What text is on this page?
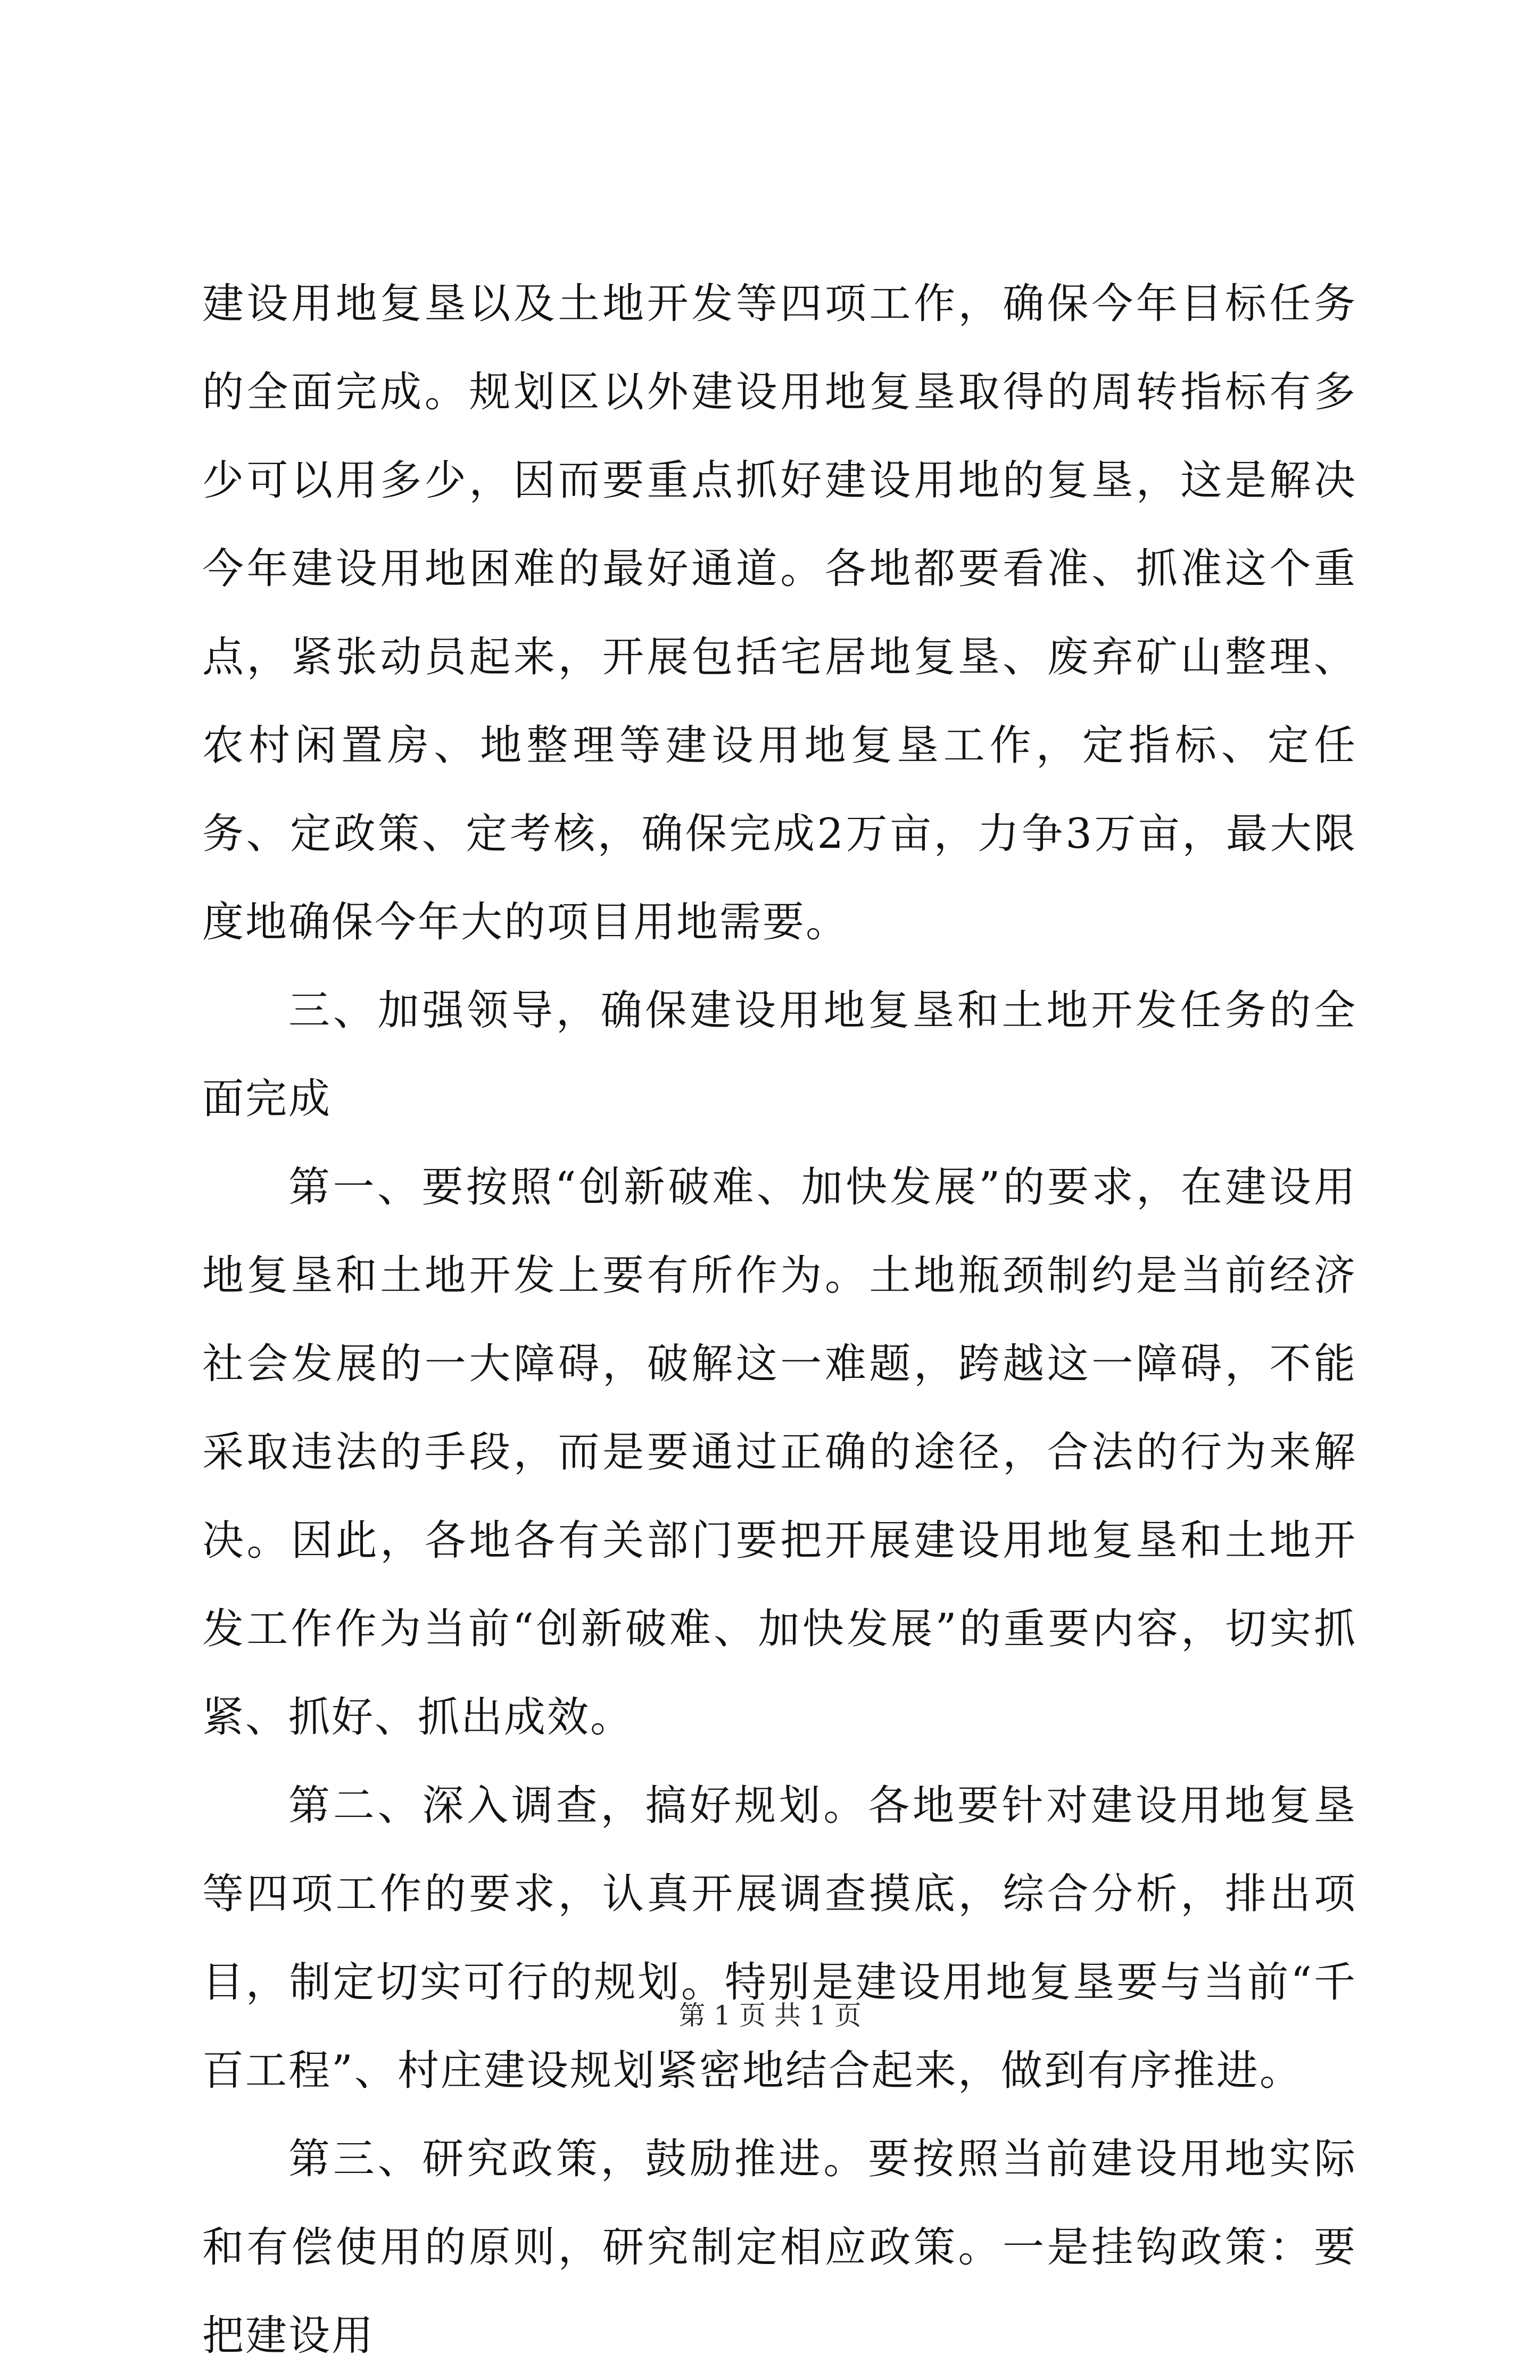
建设用地复垦以及土地开发等四项工作，确保今年目标任务的全面完成。规划区以外建设用地复垦取得的周转指标有多少可以用多少，因而要重点抓好建设用地的复垦，这是解决今年建设用地困难的最好通道。各地都要看准、抓准这个重点，紧张动员起来，开展包括宅居地复垦、废弃矿山整理、农村闲置房、地整理等建设用地复垦工作，定指标、定任务、定政策、定考核，确保完成2万亩，力争3万亩，最大限度地确保今年大的项目用地需要。

三、加强领导，确保建设用地复垦和土地开发任务的全面完成

第一、要按照“创新破难、加快发展”的要求，在建设用地复垦和土地开发上要有所作为。土地瓶颈制约是当前经济社会发展的一大障碍，破解这一难题，跨越这一障碍，不能采取违法的手段，而是要通过正确的途径，合法的行为来解决。因此，各地各有关部门要把开展建设用地复垦和土地开发工作作为当前“创新破难、加快发展”的重要内容，切实抓紧、抓好、抓出成效。

第二、深入调查，搞好规划。各地要针对建设用地复垦等四项工作的要求，认真开展调查摸底，综合分析，排出项目，制定切实可行的规划。特别是建设用地复垦要与当前“千百工程”、村庄建设规划紧密地结合起来，做到有序推进。

第三、研究政策，鼓励推进。要按照当前建设用地实际和有偿使用的原则，研究制定相应政策。一是挂钩政策：要把建设用

第 1 页 共 1 页
